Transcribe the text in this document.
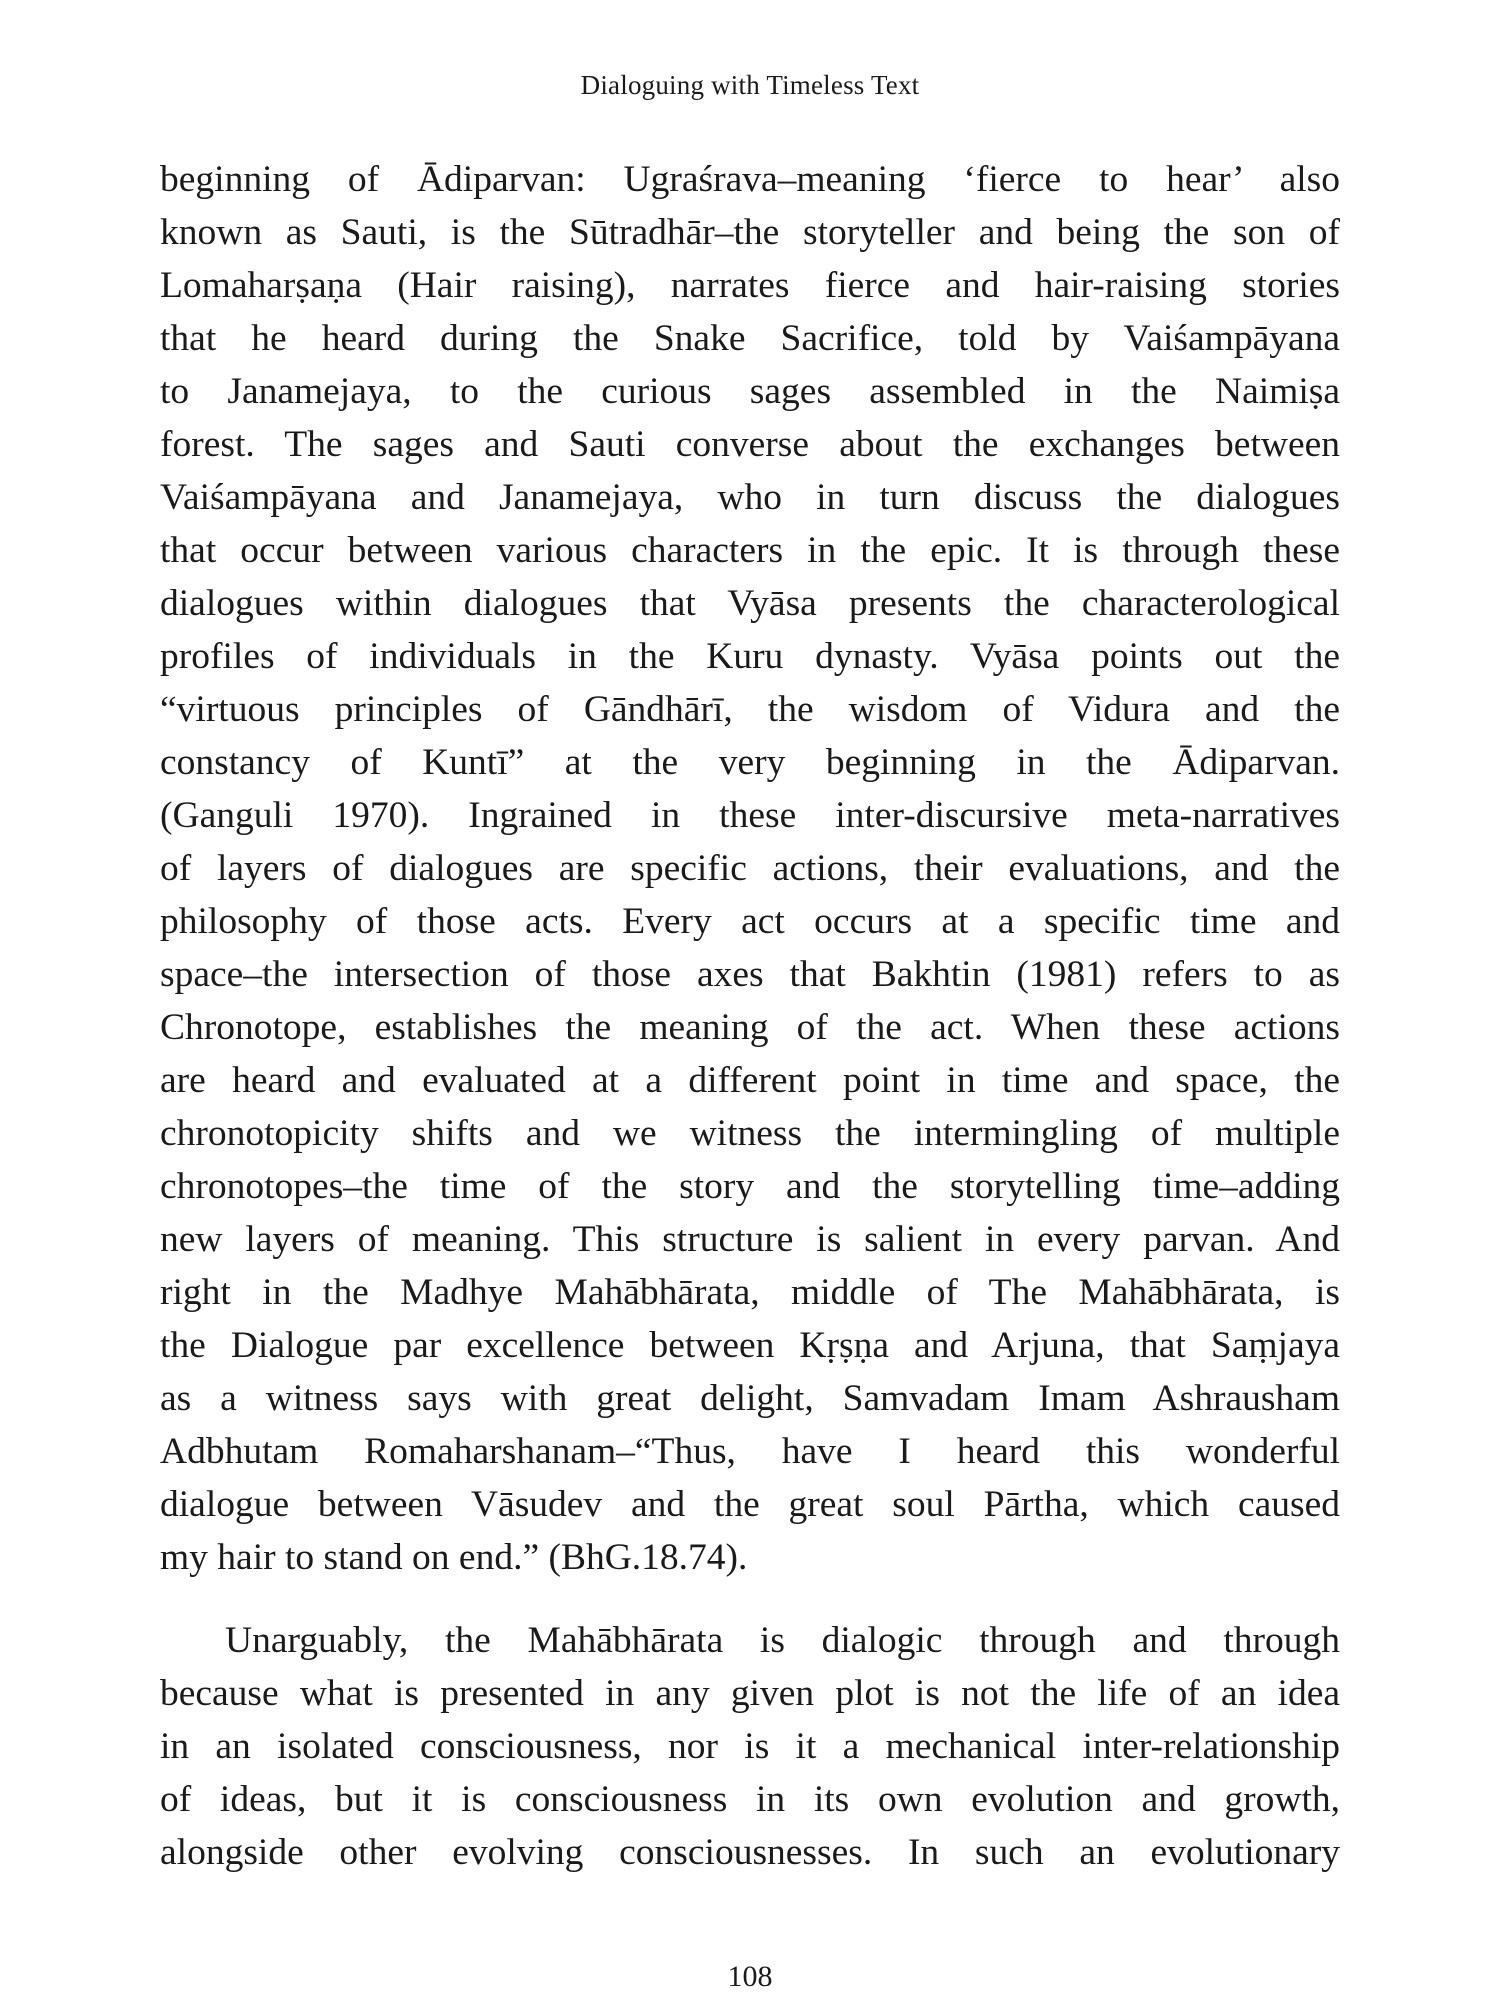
Dialoguing with Timeless Text

beginning of Ādiparvan: Ugraśrava–meaning ‘fierce to hear’ also
known as Sauti, is the Sūtradhār–the storyteller and being the son of
Lomaharṣaṇa (Hair raising), narrates fierce and hair-raising stories
that he heard during the Snake Sacrifice, told by Vaiśampāyana
to Janamejaya, to the curious sages assembled in the Naimiṣa
forest. The sages and Sauti converse about the exchanges between
Vaiśampāyana and Janamejaya, who in turn discuss the dialogues
that occur between various characters in the epic. It is through these
dialogues within dialogues that Vyāsa presents the characterological
profiles of individuals in the Kuru dynasty. Vyāsa points out the
“virtuous principles of Gāndhārī, the wisdom of Vidura and the
constancy of Kuntī” at the very beginning in the Ādiparvan.
(Ganguli 1970). Ingrained in these inter-discursive meta-narratives
of layers of dialogues are specific actions, their evaluations, and the
philosophy of those acts. Every act occurs at a specific time and
space–the intersection of those axes that Bakhtin (1981) refers to as
Chronotope, establishes the meaning of the act. When these actions
are heard and evaluated at a different point in time and space, the
chronotopicity shifts and we witness the intermingling of multiple
chronotopes–the time of the story and the storytelling time–adding
new layers of meaning. This structure is salient in every parvan. And
right in the Madhye Mahābhārata, middle of The Mahābhārata, is
the Dialogue par excellence between Kṛṣṇa and Arjuna, that Saṃjaya
as a witness says with great delight, Samvadam Imam Ashrausham
Adbhutam Romaharshanam–“Thus, have I heard this wonderful
dialogue between Vāsudev and the great soul Pārtha, which caused
my hair to stand on end.” (BhG.18.74).

Unarguably, the Mahābhārata is dialogic through and through
because what is presented in any given plot is not the life of an idea
in an isolated consciousness, nor is it a mechanical inter-relationship
of ideas, but it is consciousness in its own evolution and growth,
alongside other evolving consciousnesses. In such an evolutionary

108
